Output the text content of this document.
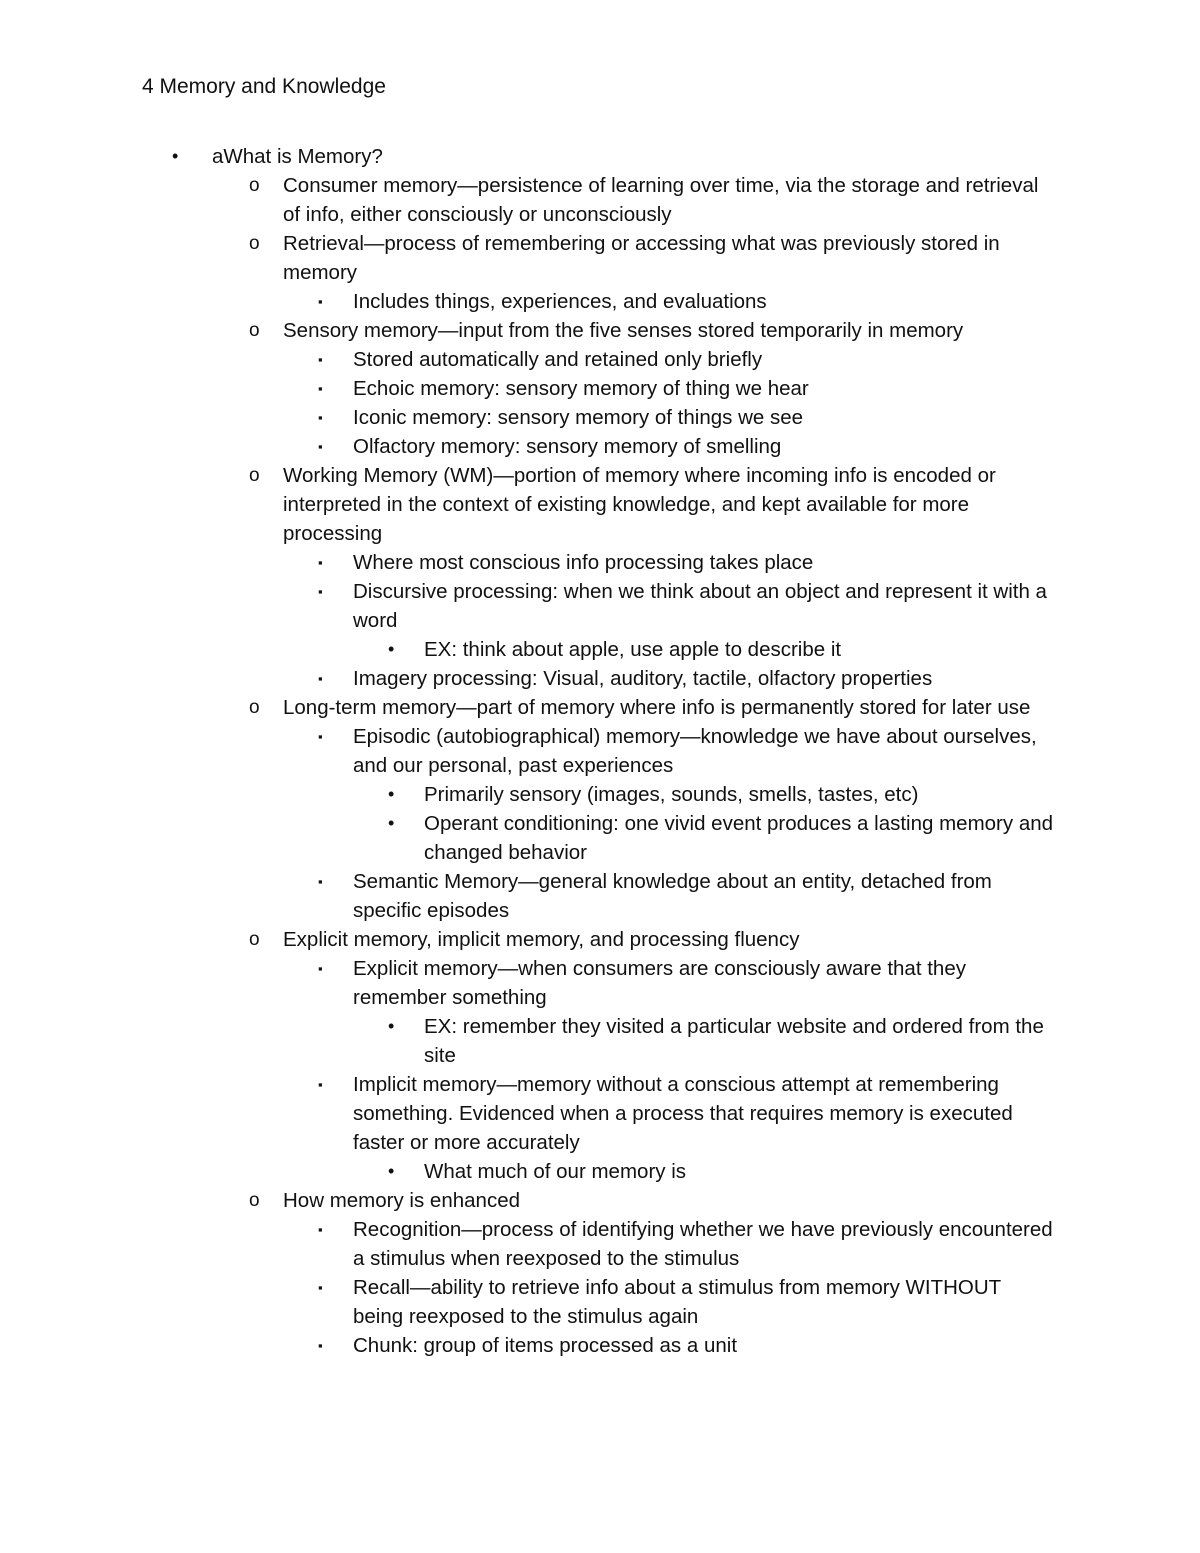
4 Memory and Knowledge
• aWhat is Memory?
o Consumer memory—persistence of learning over time, via the storage and retrieval of info, either consciously or unconsciously
o Retrieval—process of remembering or accessing what was previously stored in memory
▪ Includes things, experiences, and evaluations
o Sensory memory—input from the five senses stored temporarily in memory
▪ Stored automatically and retained only briefly
▪ Echoic memory: sensory memory of thing we hear
▪ Iconic memory: sensory memory of things we see
▪ Olfactory memory: sensory memory of smelling
o Working Memory (WM)—portion of memory where incoming info is encoded or interpreted in the context of existing knowledge, and kept available for more processing
▪ Where most conscious info processing takes place
▪ Discursive processing: when we think about an object and represent it with a word
• EX: think about apple, use apple to describe it
▪ Imagery processing: Visual, auditory, tactile, olfactory properties
o Long-term memory—part of memory where info is permanently stored for later use
▪ Episodic (autobiographical) memory—knowledge we have about ourselves, and our personal, past experiences
• Primarily sensory (images, sounds, smells, tastes, etc)
• Operant conditioning: one vivid event produces a lasting memory and changed behavior
▪ Semantic Memory—general knowledge about an entity, detached from specific episodes
o Explicit memory, implicit memory, and processing fluency
▪ Explicit memory—when consumers are consciously aware that they remember something
• EX: remember they visited a particular website and ordered from the site
▪ Implicit memory—memory without a conscious attempt at remembering something. Evidenced when a process that requires memory is executed faster or more accurately
• What much of our memory is
o How memory is enhanced
▪ Recognition—process of identifying whether we have previously encountered a stimulus when reexposed to the stimulus
▪ Recall—ability to retrieve info about a stimulus from memory WITHOUT being reexposed to the stimulus again
▪ Chunk: group of items processed as a unit
